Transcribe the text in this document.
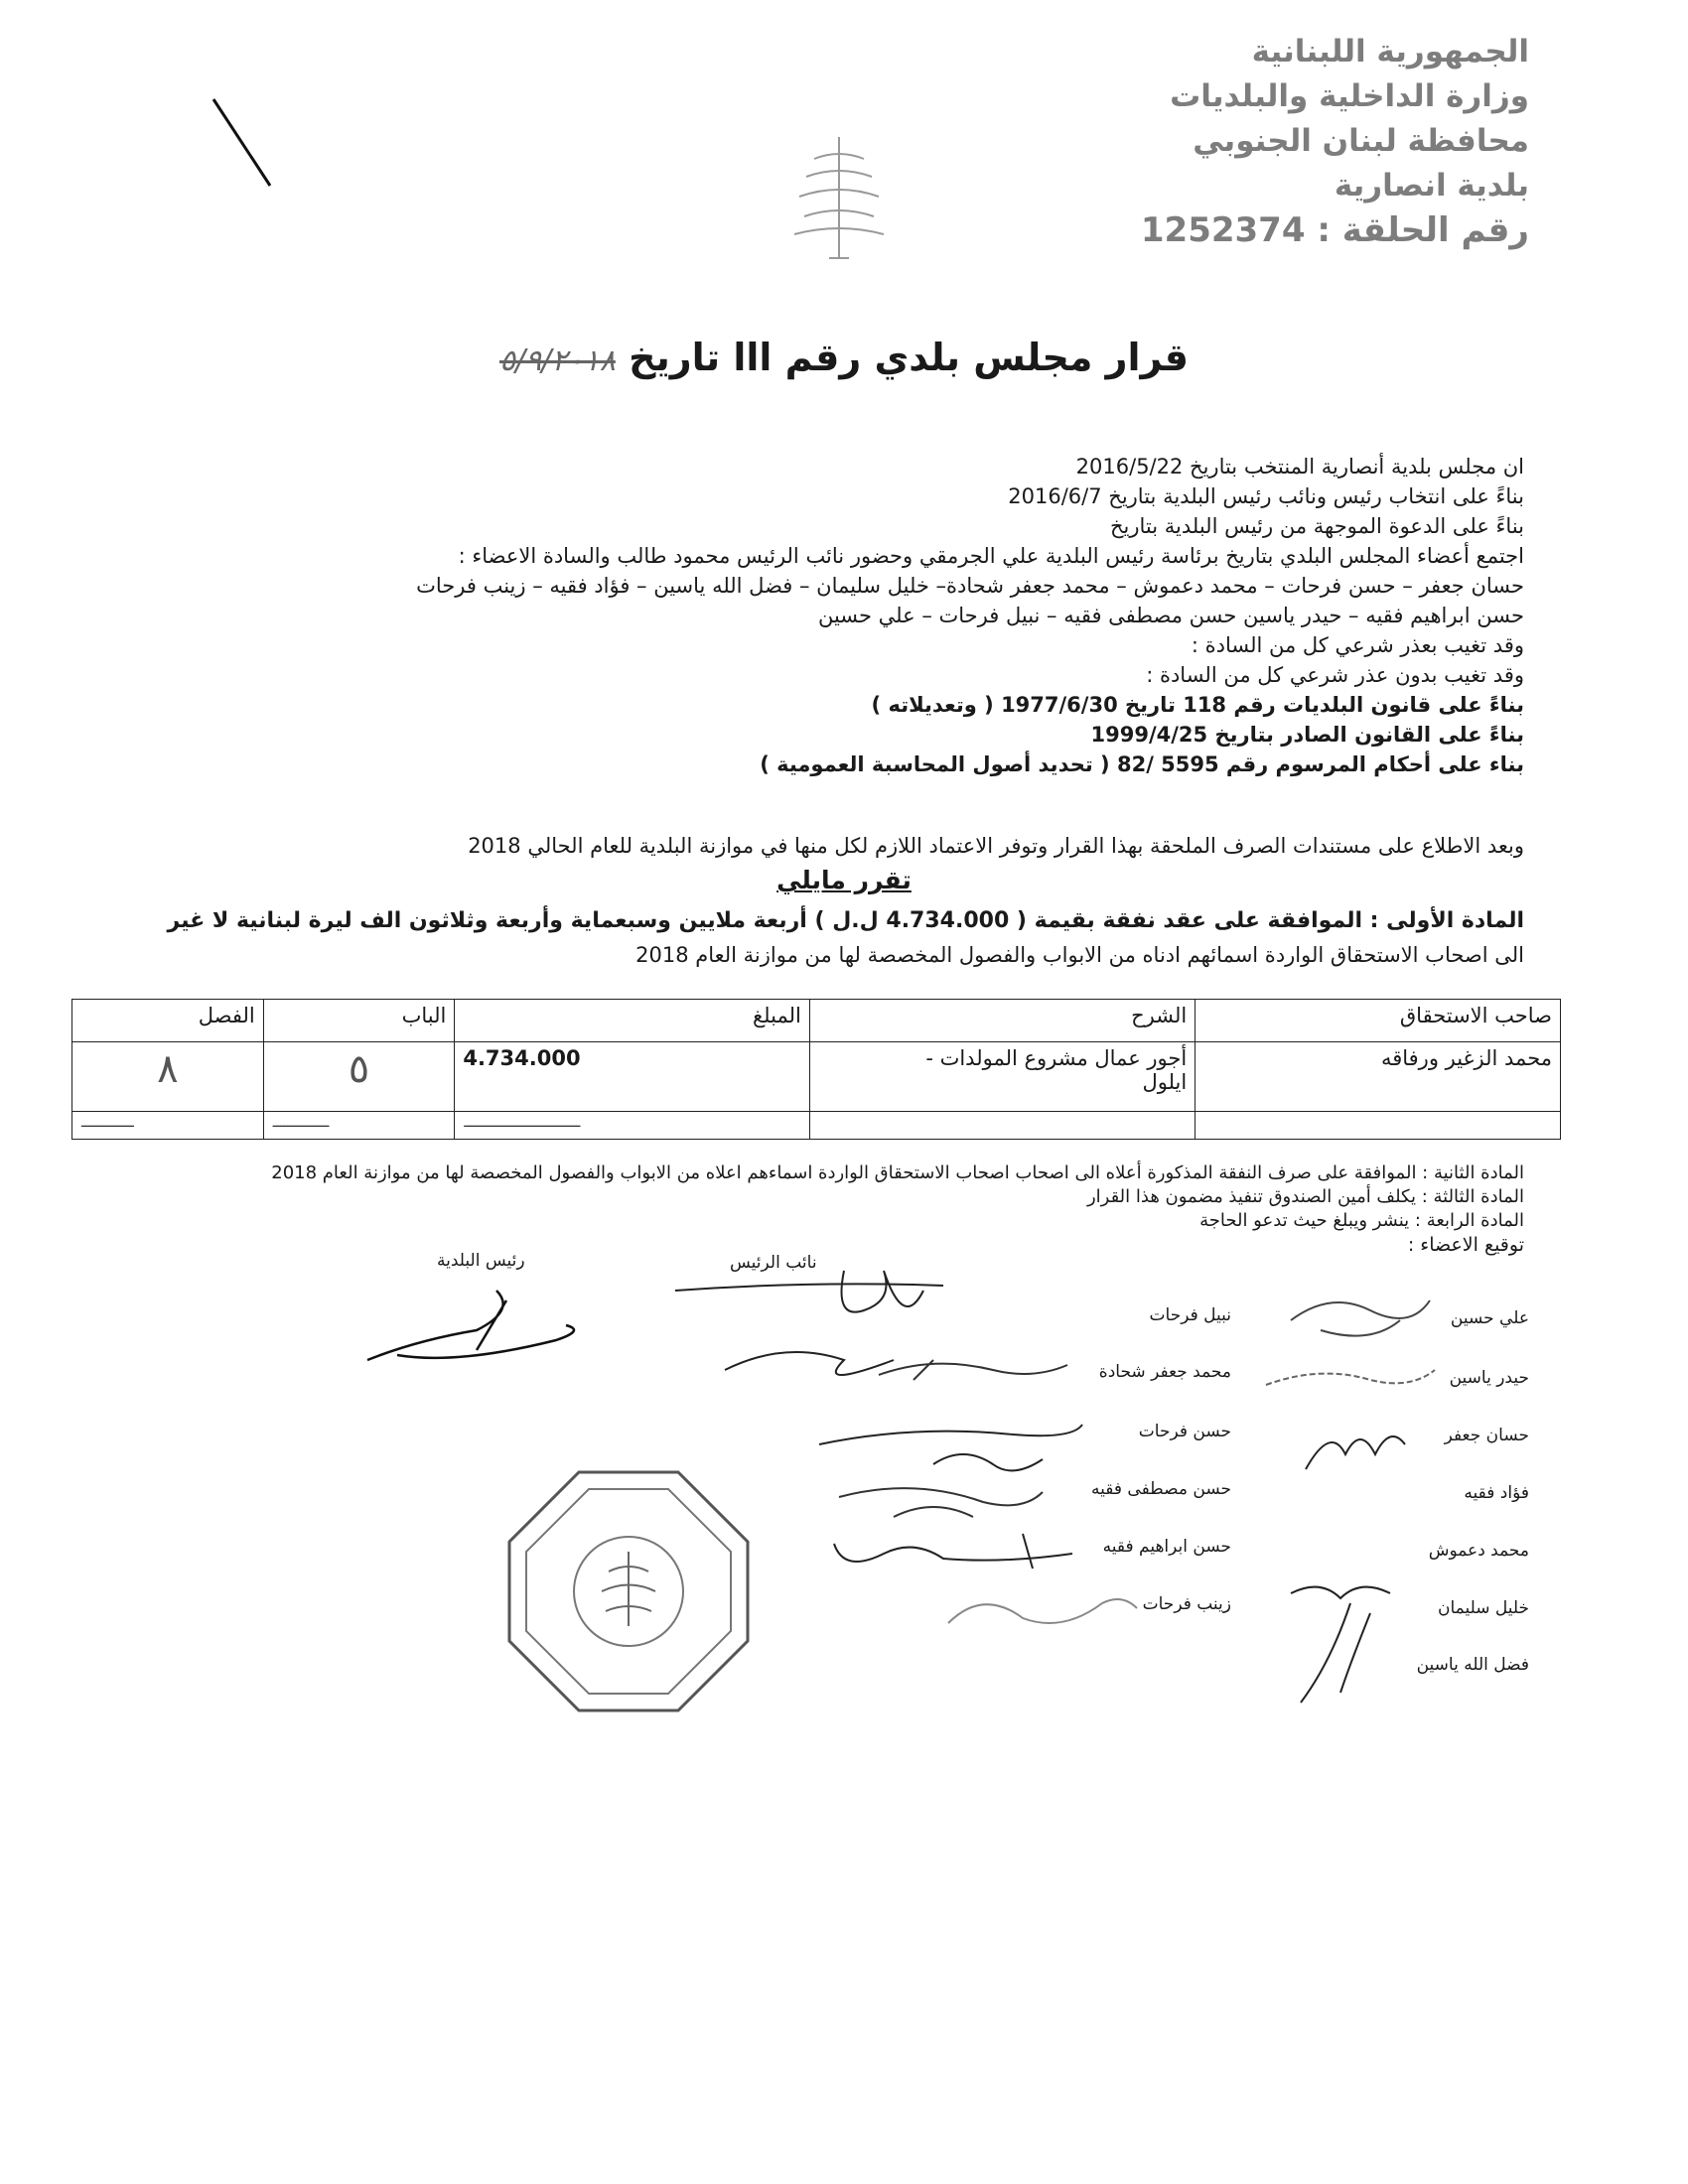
الجمهورية اللبنانية
وزارة الداخلية والبلديات
محافظة لبنان الجنوبي
بلدية انصارية
رقم الحلقة : 1252374
قرار مجلس بلدي رقم ااا تاريخ ٥/٩/٢٠١٨
ان مجلس بلدية أنصارية المنتخب بتاريخ 2016/5/22
بناءً على انتخاب رئيس ونائب رئيس البلدية بتاريخ 2016/6/7
بناءً على الدعوة الموجهة من رئيس البلدية بتاريخ
اجتمع أعضاء المجلس البلدي بتاريخ برئاسة رئيس البلدية علي الجرمقي وحضور نائب الرئيس محمود طالب والسادة الاعضاء :
حسان جعفر – حسن فرحات – محمد دعموش – محمد جعفر شحادة– خليل سليمان – فضل الله ياسين – فؤاد فقيه – زينب فرحات
حسن ابراهيم فقيه – حيدر ياسين حسن مصطفى فقيه – نبيل فرحات – علي حسين
وقد تغيب بعذر شرعي كل من السادة :
وقد تغيب بدون عذر شرعي كل من السادة :
بناءً على قانون البلديات رقم 118 تاريخ 1977/6/30 ( وتعديلاته )
بناءً على القانون الصادر بتاريخ 1999/4/25
بناء على أحكام المرسوم رقم 5595 /82 ( تحديد أصول المحاسبة العمومية )
وبعد الاطلاع على مستندات الصرف الملحقة بهذا القرار وتوفر الاعتماد اللازم لكل منها في موازنة البلدية للعام الحالي 2018
تقرر مايلي
المادة الأولى : الموافقة على عقد نفقة بقيمة ( 4.734.000 ل.ل ) أربعة ملايين وسبعماية وأربعة وثلاثون الف ليرة لبنانية لا غير
الى اصحاب الاستحقاق الواردة اسمائهم ادناه من الابواب والفصول المخصصة لها من موازنة العام 2018
صاحب الاستحقاق	الشرح	المبلغ	الباب	الفصل
محمد الزغير ورفاقه	أجور عمال مشروع المولدات -
ايلول	4.734.000	٥	٨
		-------------------------------	---------------	--------------
المادة الثانية : الموافقة على صرف النفقة المذكورة أعلاه الى اصحاب اصحاب الاستحقاق الواردة اسماءهم اعلاه من الابواب والفصول المخصصة لها من موازنة العام 2018
المادة الثالثة : يكلف أمين الصندوق تنفيذ مضمون هذا القرار
المادة الرابعة : ينشر ويبلغ حيث تدعو الحاجة
توقيع الاعضاء :
رئيس البلدية	نائب الرئيس
نبيل فرحات
محمد جعفر شحادة
حسن فرحات
حسن مصطفى فقيه
حسن ابراهيم فقيه
زينب فرحات
علي حسين
حيدر ياسين
حسان جعفر
فؤاد فقيه
محمد دعموش
خليل سليمان
فضل الله ياسين
